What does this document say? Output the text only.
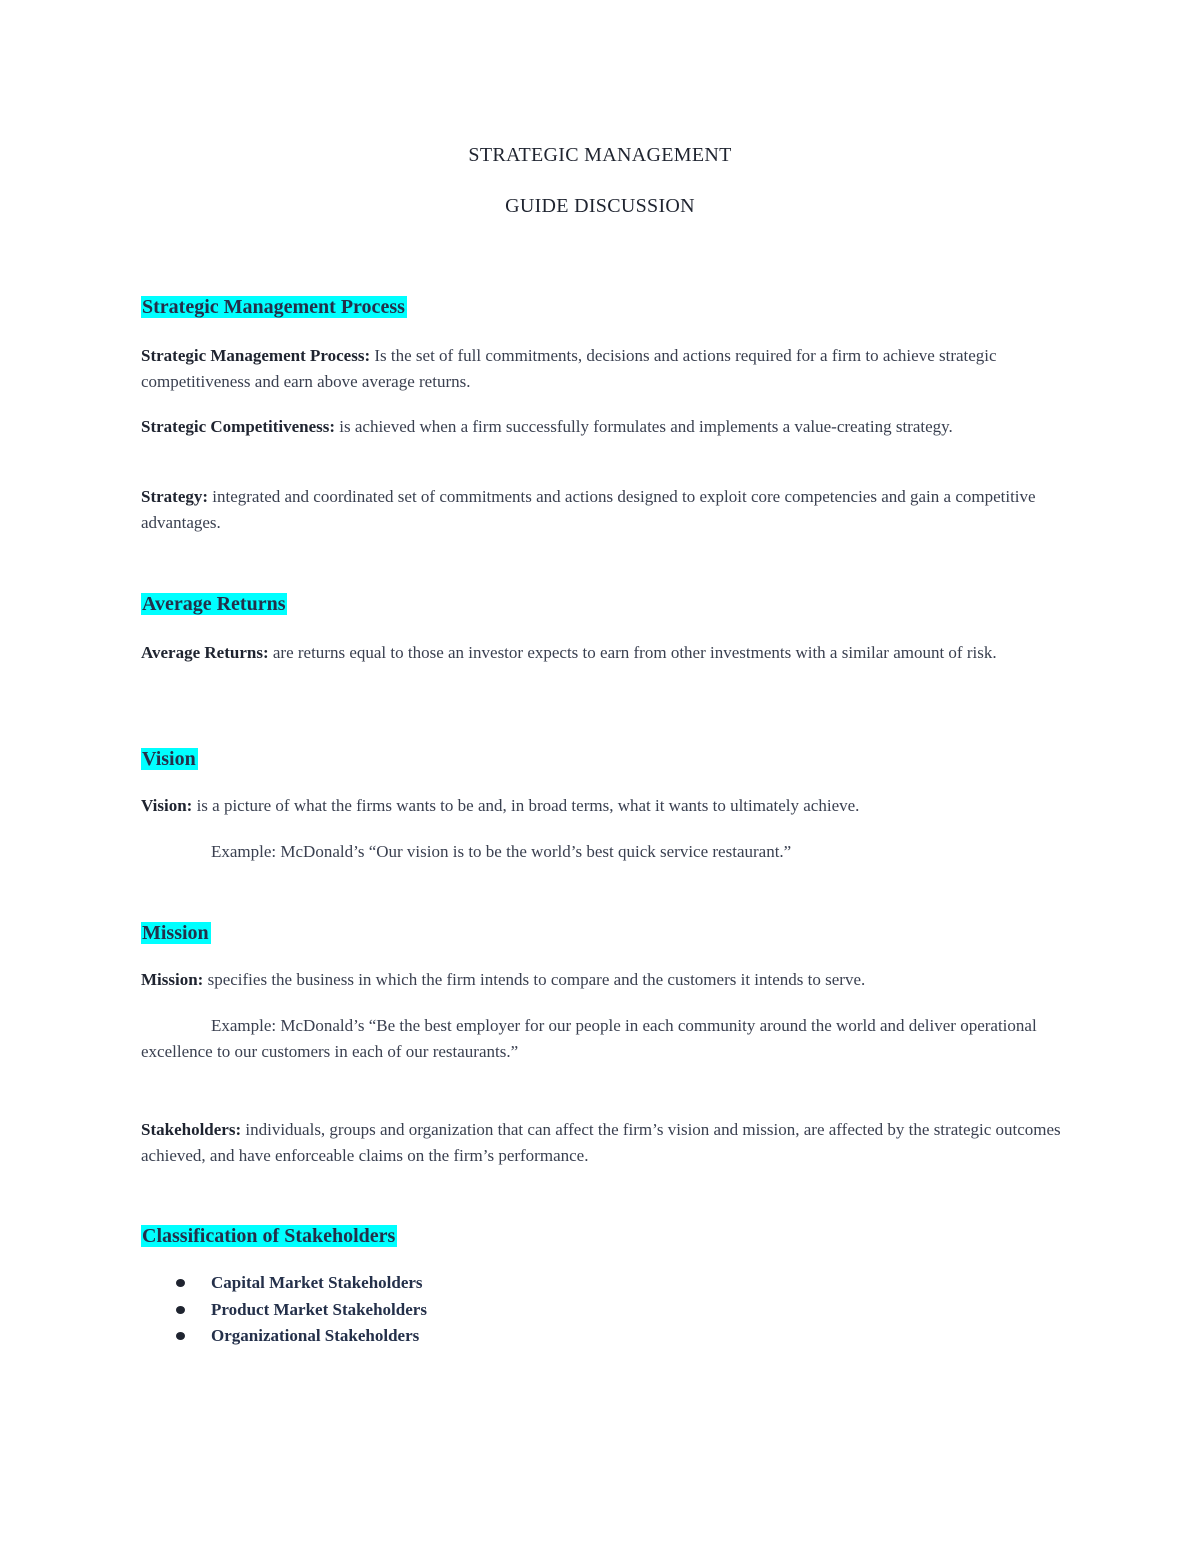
STRATEGIC MANAGEMENT

GUIDE DISCUSSION

Strategic Management Process

Strategic Management Process: Is the set of full commitments, decisions and actions required for a firm to achieve strategic competitiveness and earn above average returns.

Strategic Competitiveness: is achieved when a firm successfully formulates and implements a value-creating strategy.

Strategy: integrated and coordinated set of commitments and actions designed to exploit core competencies and gain a competitive advantages.

Average Returns

Average Returns: are returns equal to those an investor expects to earn from other investments with a similar amount of risk.

Vision

Vision: is a picture of what the firms wants to be and, in broad terms, what it wants to ultimately achieve.

Example: McDonald’s “Our vision is to be the world’s best quick service restaurant.”

Mission

Mission: specifies the business in which the firm intends to compare and the customers it intends to serve.

Example: McDonald’s “Be the best employer for our people in each community around the world and deliver operational excellence to our customers in each of our restaurants.”

Stakeholders: individuals, groups and organization that can affect the firm’s vision and mission, are affected by the strategic outcomes achieved, and have enforceable claims on the firm’s performance.

Classification of Stakeholders
Capital Market Stakeholders
Product Market Stakeholders
Organizational Stakeholders
